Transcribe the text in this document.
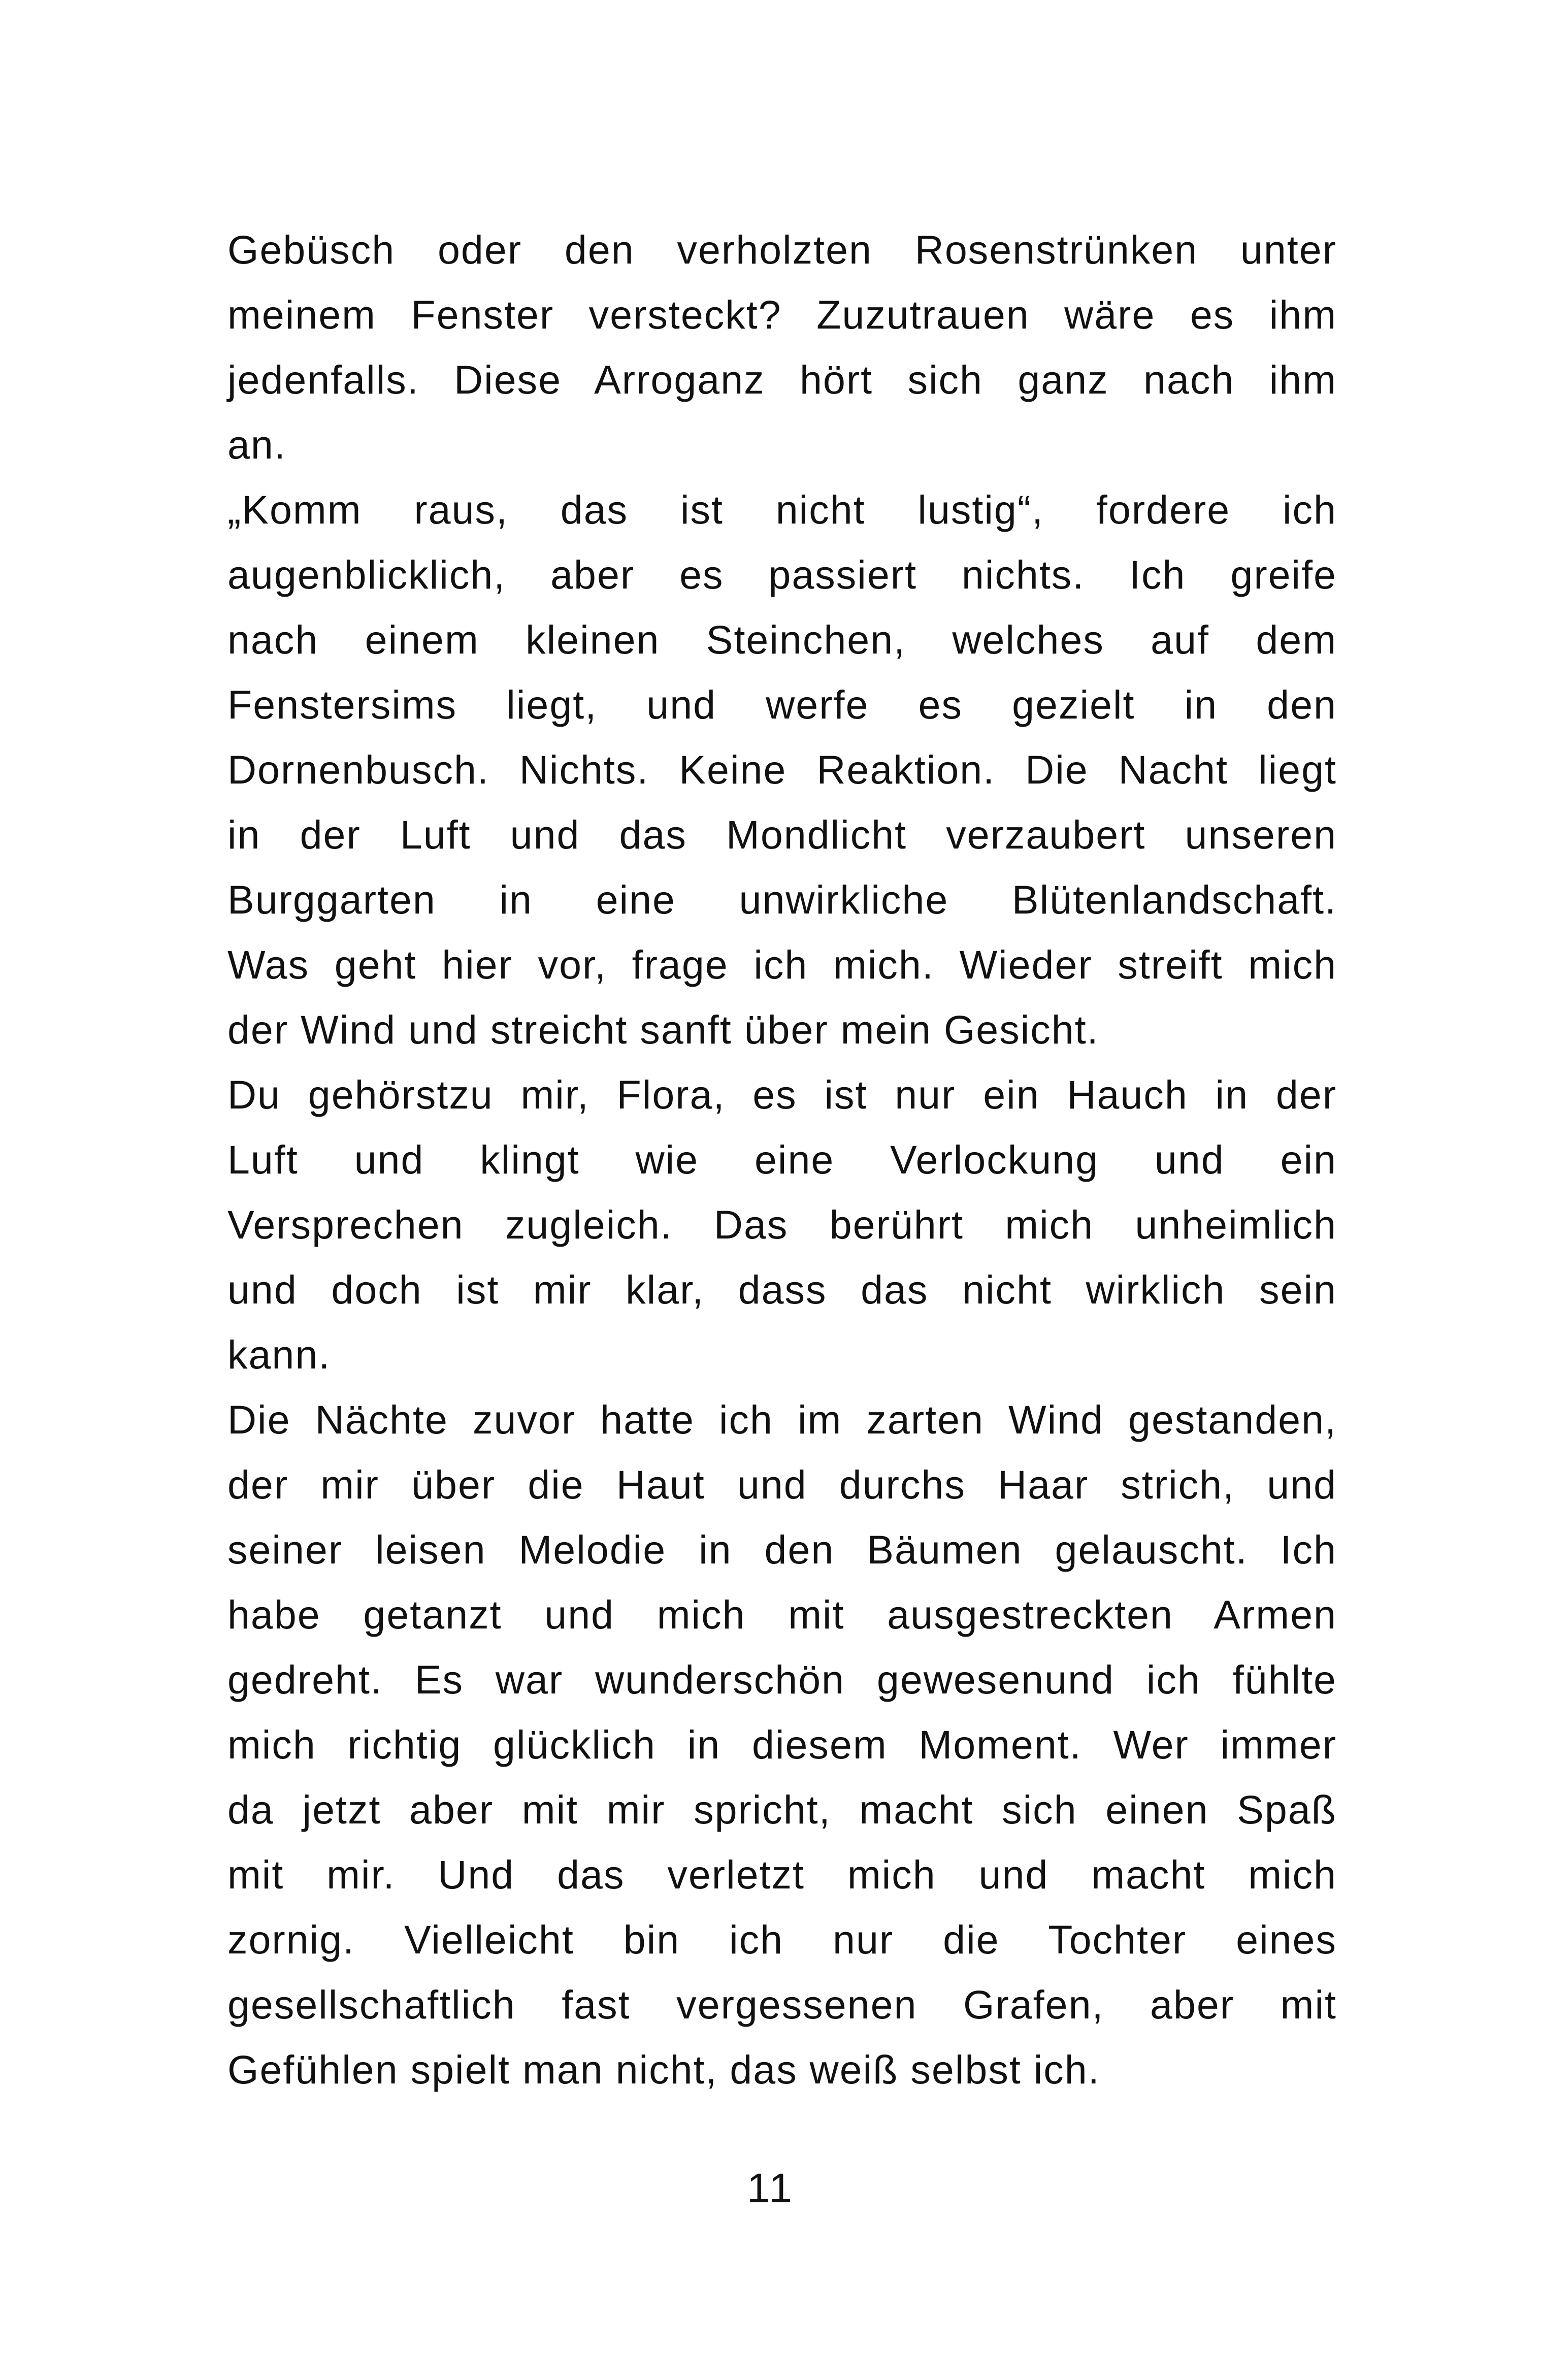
Gebüsch oder den verholzten Rosenstrünken unter
meinem Fenster versteckt? Zuzutrauen wäre es ihm
jedenfalls. Diese Arroganz hört sich ganz nach ihm
an.
„Komm raus, das ist nicht lustig“, fordere ich
augenblicklich, aber es passiert nichts. Ich greife
nach einem kleinen Steinchen, welches auf dem
Fenstersims liegt, und werfe es gezielt in den
Dornenbusch. Nichts. Keine Reaktion. Die Nacht liegt
in der Luft und das Mondlicht verzaubert unseren
Burggarten in eine unwirkliche Blütenlandschaft.
Was geht hier vor, frage ich mich. Wieder streift mich
der Wind und streicht sanft über mein Gesicht.
Du gehörstzu mir, Flora, es ist nur ein Hauch in der
Luft und klingt wie eine Verlockung und ein
Versprechen zugleich. Das berührt mich unheimlich
und doch ist mir klar, dass das nicht wirklich sein
kann.
Die Nächte zuvor hatte ich im zarten Wind gestanden,
der mir über die Haut und durchs Haar strich, und
seiner leisen Melodie in den Bäumen gelauscht. Ich
habe getanzt und mich mit ausgestreckten Armen
gedreht. Es war wunderschön gewesenund ich fühlte
mich richtig glücklich in diesem Moment. Wer immer
da jetzt aber mit mir spricht, macht sich einen Spaß
mit mir. Und das verletzt mich und macht mich
zornig. Vielleicht bin ich nur die Tochter eines
gesellschaftlich fast vergessenen Grafen, aber mit
Gefühlen spielt man nicht, das weiß selbst ich.
11
